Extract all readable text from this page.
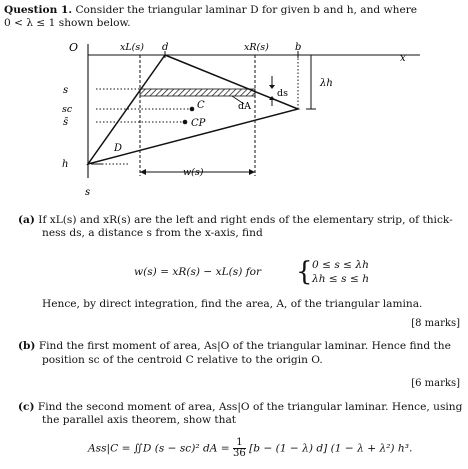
Question 1. Consider the triangular laminar D for given b and h, and where
0 < λ ≤ 1 shown below.
O	xL(s) d	xR(s)	b
x
s
sc
s̄
h
s
λh
ds
C
CP
dA
D
w(s)
(a) If xL(s) and xR(s) are the left and right ends of the elementary strip, of thick-
ness ds, a distance s from the x-axis, find
w(s) = xR(s) − xL(s) for { 0 ≤ s ≤ λh
λh ≤ s ≤ h
Hence, by direct integration, find the area, A, of the triangular lamina.
[8 marks]
(b) Find the first moment of area, As|O of the triangular laminar. Hence find the
position sc of the centroid C relative to the origin O.
[6 marks]
(c) Find the second moment of area, Ass|O of the triangular laminar. Hence, using
the parallel axis theorem, show that
Ass|C = ∬D (s − sc)² dA = $\frac{1}{36} [b - (1 - \lambda)$ d] (1 − λ + λ²) h³.
